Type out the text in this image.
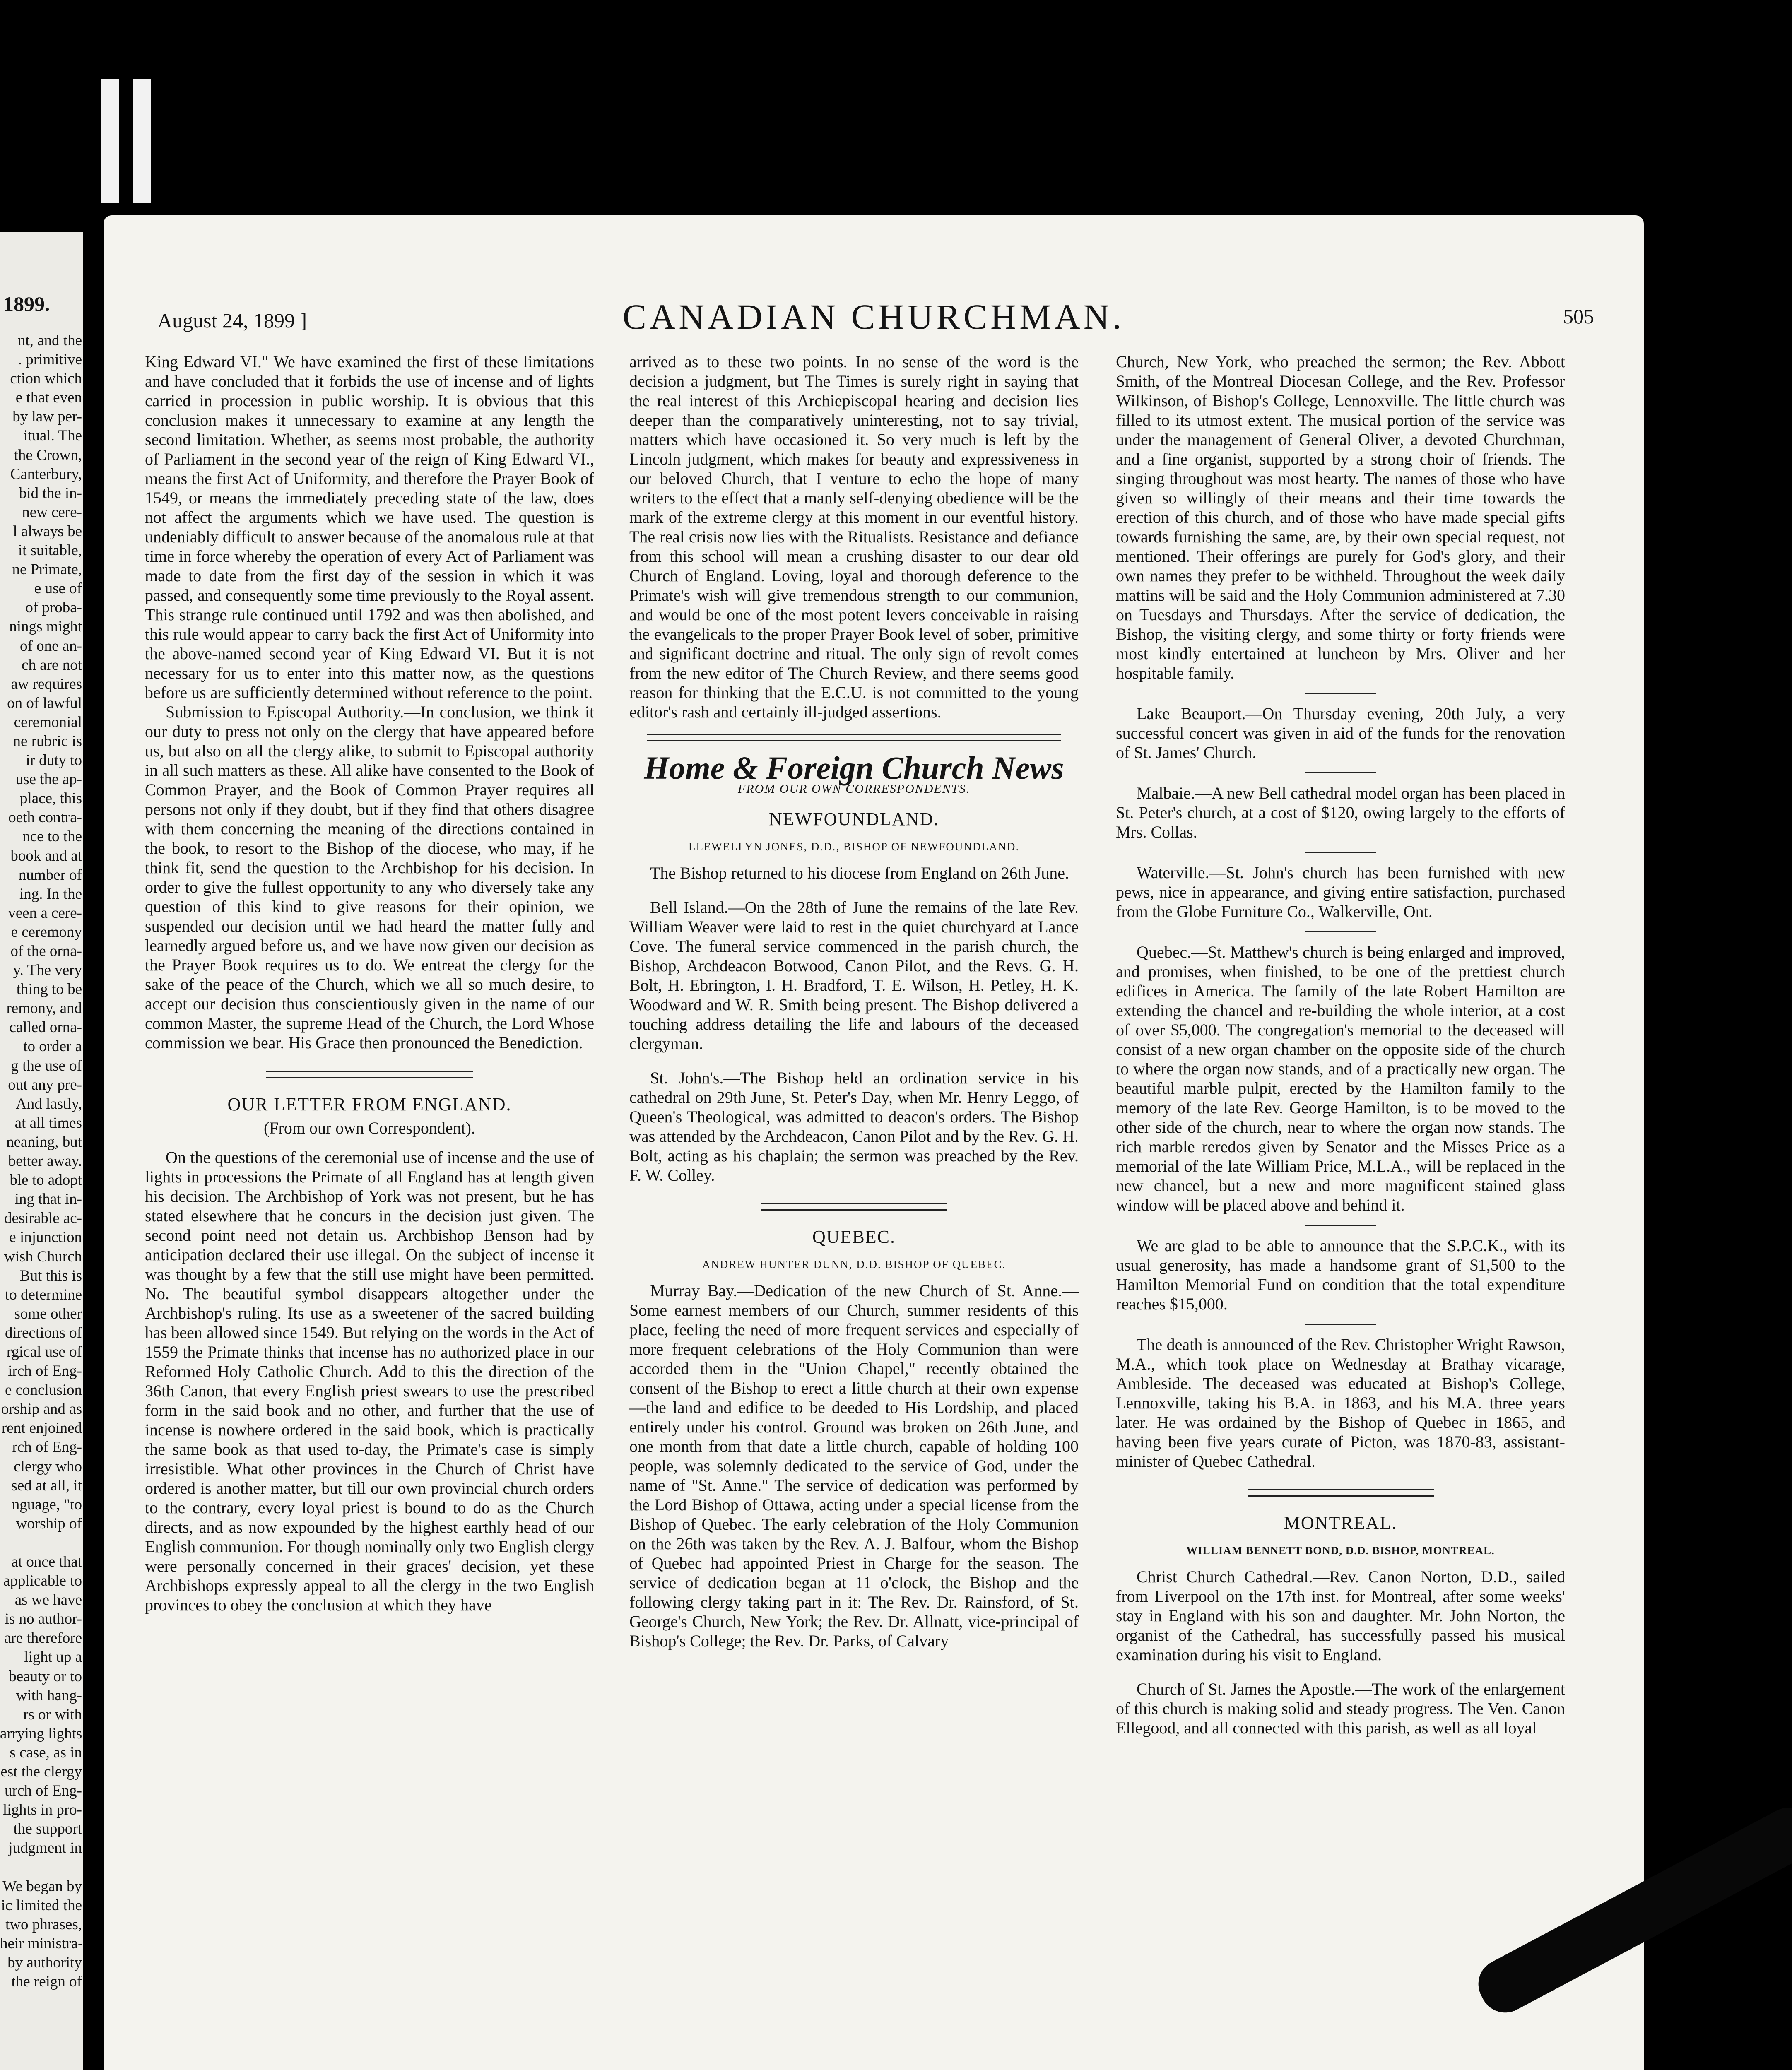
1899.
nt, and the
. primitive
ction which
e that even
by law per-
itual. The
the Crown,
Canterbury,
bid the in-
new cere-
l always be
it suitable,
ne Primate,
e use of
of proba-
nings might
of one an-
ch are not
aw requires
on of lawful
ceremonial
ne rubric is
ir duty to
use the ap-
place, this
oeth contra-
nce to the
book and at
number of
ing. In the
veen a cere-
e ceremony
of the orna-
y. The very
thing to be
remony, and
called orna-
to order a
g the use of
out any pre-
And lastly,
at all times
neaning, but
better away.
ble to adopt
ing that in-
desirable ac-
e injunction
wish Church
But this is
to determine
some other
directions of
rgical use of
irch of Eng-
e conclusion
orship and as
rent enjoined
rch of Eng-
clergy who
sed at all, it
nguage, "to
worship of

at once that
applicable to
as we have
is no author-
are therefore
light up a
beauty or to
with hang-
rs or with
arrying lights
s case, as in
est the clergy
urch of Eng-
lights in pro-
the support
judgment in

We began by
ic limited the
two phrases,
heir ministra-
by authority
the reign of
August 24, 1899 ]	CANADIAN CHURCHMAN.	505

King Edward VI." We have examined the first of these limitations and have concluded that it forbids the use of incense and of lights carried in procession in public worship. It is obvious that this conclusion makes it unnecessary to examine at any length the second limitation. Whether, as seems most probable, the authority of Parliament in the second year of the reign of King Edward VI., means the first Act of Uniformity, and therefore the Prayer Book of 1549, or means the immediately preceding state of the law, does not affect the arguments which we have used. The question is undeniably difficult to answer because of the anomalous rule at that time in force whereby the operation of every Act of Parliament was made to date from the first day of the session in which it was passed, and consequently some time previously to the Royal assent. This strange rule continued until 1792 and was then abolished, and this rule would appear to carry back the first Act of Uniformity into the above-named second year of King Edward VI. But it is not necessary for us to enter into this matter now, as the questions before us are sufficiently determined without reference to the point.

Submission to Episcopal Authority.—In conclusion, we think it our duty to press not only on the clergy that have appeared before us, but also on all the clergy alike, to submit to Episcopal authority in all such matters as these. All alike have consented to the Book of Common Prayer, and the Book of Common Prayer requires all persons not only if they doubt, but if they find that others disagree with them concerning the meaning of the directions contained in the book, to resort to the Bishop of the diocese, who may, if he think fit, send the question to the Archbishop for his decision. In order to give the fullest opportunity to any who diversely take any question of this kind to give reasons for their opinion, we suspended our decision until we had heard the matter fully and learnedly argued before us, and we have now given our decision as the Prayer Book requires us to do. We entreat the clergy for the sake of the peace of the Church, which we all so much desire, to accept our decision thus conscientiously given in the name of our common Master, the supreme Head of the Church, the Lord Whose commission we bear. His Grace then pronounced the Benediction.

OUR LETTER FROM ENGLAND.
(From our own Correspondent).

On the questions of the ceremonial use of incense and the use of lights in processions the Primate of all England has at length given his decision. The Archbishop of York was not present, but he has stated elsewhere that he concurs in the decision just given. The second point need not detain us. Archbishop Benson had by anticipation declared their use illegal. On the subject of incense it was thought by a few that the still use might have been permitted. No. The beautiful symbol disappears altogether under the Archbishop's ruling. Its use as a sweetener of the sacred building has been allowed since 1549. But relying on the words in the Act of 1559 the Primate thinks that incense has no authorized place in our Reformed Holy Catholic Church. Add to this the direction of the 36th Canon, that every English priest swears to use the prescribed form in the said book and no other, and further that the use of incense is nowhere ordered in the said book, which is practically the same book as that used to-day, the Primate's case is simply irresistible. What other provinces in the Church of Christ have ordered is another matter, but till our own provincial church orders to the contrary, every loyal priest is bound to do as the Church directs, and as now expounded by the highest earthly head of our English communion. For though nominally only two English clergy were personally concerned in their graces' decision, yet these Archbishops expressly appeal to all the clergy in the two English provinces to obey the conclusion at which they have

arrived as to these two points. In no sense of the word is the decision a judgment, but The Times is surely right in saying that the real interest of this Archiepiscopal hearing and decision lies deeper than the comparatively uninteresting, not to say trivial, matters which have occasioned it. So very much is left by the Lincoln judgment, which makes for beauty and expressiveness in our beloved Church, that I venture to echo the hope of many writers to the effect that a manly self-denying obedience will be the mark of the extreme clergy at this moment in our eventful history. The real crisis now lies with the Ritualists. Resistance and defiance from this school will mean a crushing disaster to our dear old Church of England. Loving, loyal and thorough deference to the Primate's wish will give tremendous strength to our communion, and would be one of the most potent levers conceivable in raising the evangelicals to the proper Prayer Book level of sober, primitive and significant doctrine and ritual. The only sign of revolt comes from the new editor of The Church Review, and there seems good reason for thinking that the E.C.U. is not committed to the young editor's rash and certainly ill-judged assertions.

Home & Foreign Church News
FROM OUR OWN CORRESPONDENTS.
NEWFOUNDLAND.
LLEWELLYN JONES, D.D., BISHOP OF NEWFOUNDLAND.

The Bishop returned to his diocese from England on 26th June.

Bell Island.—On the 28th of June the remains of the late Rev. William Weaver were laid to rest in the quiet churchyard at Lance Cove. The funeral service commenced in the parish church, the Bishop, Archdeacon Botwood, Canon Pilot, and the Revs. G. H. Bolt, H. Ebrington, I. H. Bradford, T. E. Wilson, H. Petley, H. K. Woodward and W. R. Smith being present. The Bishop delivered a touching address detailing the life and labours of the deceased clergyman.

St. John's.—The Bishop held an ordination service in his cathedral on 29th June, St. Peter's Day, when Mr. Henry Leggo, of Queen's Theological, was admitted to deacon's orders. The Bishop was attended by the Archdeacon, Canon Pilot and by the Rev. G. H. Bolt, acting as his chaplain; the sermon was preached by the Rev. F. W. Colley.

QUEBEC.
ANDREW HUNTER DUNN, D.D. BISHOP OF QUEBEC.

Murray Bay.—Dedication of the new Church of St. Anne.—Some earnest members of our Church, summer residents of this place, feeling the need of more frequent services and especially of more frequent celebrations of the Holy Communion than were accorded them in the "Union Chapel," recently obtained the consent of the Bishop to erect a little church at their own expense—the land and edifice to be deeded to His Lordship, and placed entirely under his control. Ground was broken on 26th June, and one month from that date a little church, capable of holding 100 people, was solemnly dedicated to the service of God, under the name of "St. Anne." The service of dedication was performed by the Lord Bishop of Ottawa, acting under a special license from the Bishop of Quebec. The early celebration of the Holy Communion on the 26th was taken by the Rev. A. J. Balfour, whom the Bishop of Quebec had appointed Priest in Charge for the season. The service of dedication began at 11 o'clock, the Bishop and the following clergy taking part in it: The Rev. Dr. Rainsford, of St. George's Church, New York; the Rev. Dr. Allnatt, vice-principal of Bishop's College; the Rev. Dr. Parks, of Calvary

Church, New York, who preached the sermon; the Rev. Abbott Smith, of the Montreal Diocesan College, and the Rev. Professor Wilkinson, of Bishop's College, Lennoxville. The little church was filled to its utmost extent. The musical portion of the service was under the management of General Oliver, a devoted Churchman, and a fine organist, supported by a strong choir of friends. The singing throughout was most hearty. The names of those who have given so willingly of their means and their time towards the erection of this church, and of those who have made special gifts towards furnishing the same, are, by their own special request, not mentioned. Their offerings are purely for God's glory, and their own names they prefer to be withheld. Throughout the week daily mattins will be said and the Holy Communion administered at 7.30 on Tuesdays and Thursdays. After the service of dedication, the Bishop, the visiting clergy, and some thirty or forty friends were most kindly entertained at luncheon by Mrs. Oliver and her hospitable family.

Lake Beauport.—On Thursday evening, 20th July, a very successful concert was given in aid of the funds for the renovation of St. James' Church.

Malbaie.—A new Bell cathedral model organ has been placed in St. Peter's church, at a cost of $120, owing largely to the efforts of Mrs. Collas.

Waterville.—St. John's church has been furnished with new pews, nice in appearance, and giving entire satisfaction, purchased from the Globe Furniture Co., Walkerville, Ont.

Quebec.—St. Matthew's church is being enlarged and improved, and promises, when finished, to be one of the prettiest church edifices in America. The family of the late Robert Hamilton are extending the chancel and re-building the whole interior, at a cost of over $5,000. The congregation's memorial to the deceased will consist of a new organ chamber on the opposite side of the church to where the organ now stands, and of a practically new organ. The beautiful marble pulpit, erected by the Hamilton family to the memory of the late Rev. George Hamilton, is to be moved to the other side of the church, near to where the organ now stands. The rich marble reredos given by Senator and the Misses Price as a memorial of the late William Price, M.L.A., will be replaced in the new chancel, but a new and more magnificent stained glass window will be placed above and behind it.

We are glad to be able to announce that the S.P.C.K., with its usual generosity, has made a handsome grant of $1,500 to the Hamilton Memorial Fund on condition that the total expenditure reaches $15,000.

The death is announced of the Rev. Christopher Wright Rawson, M.A., which took place on Wednesday at Brathay vicarage, Ambleside. The deceased was educated at Bishop's College, Lennoxville, taking his B.A. in 1863, and his M.A. three years later. He was ordained by the Bishop of Quebec in 1865, and having been five years curate of Picton, was 1870-83, assistant-minister of Quebec Cathedral.

MONTREAL.
WILLIAM BENNETT BOND, D.D. BISHOP, MONTREAL.

Christ Church Cathedral.—Rev. Canon Norton, D.D., sailed from Liverpool on the 17th inst. for Montreal, after some weeks' stay in England with his son and daughter. Mr. John Norton, the organist of the Cathedral, has successfully passed his musical examination during his visit to England.

Church of St. James the Apostle.—The work of the enlargement of this church is making solid and steady progress. The Ven. Canon Ellegood, and all connected with this parish, as well as all loyal
